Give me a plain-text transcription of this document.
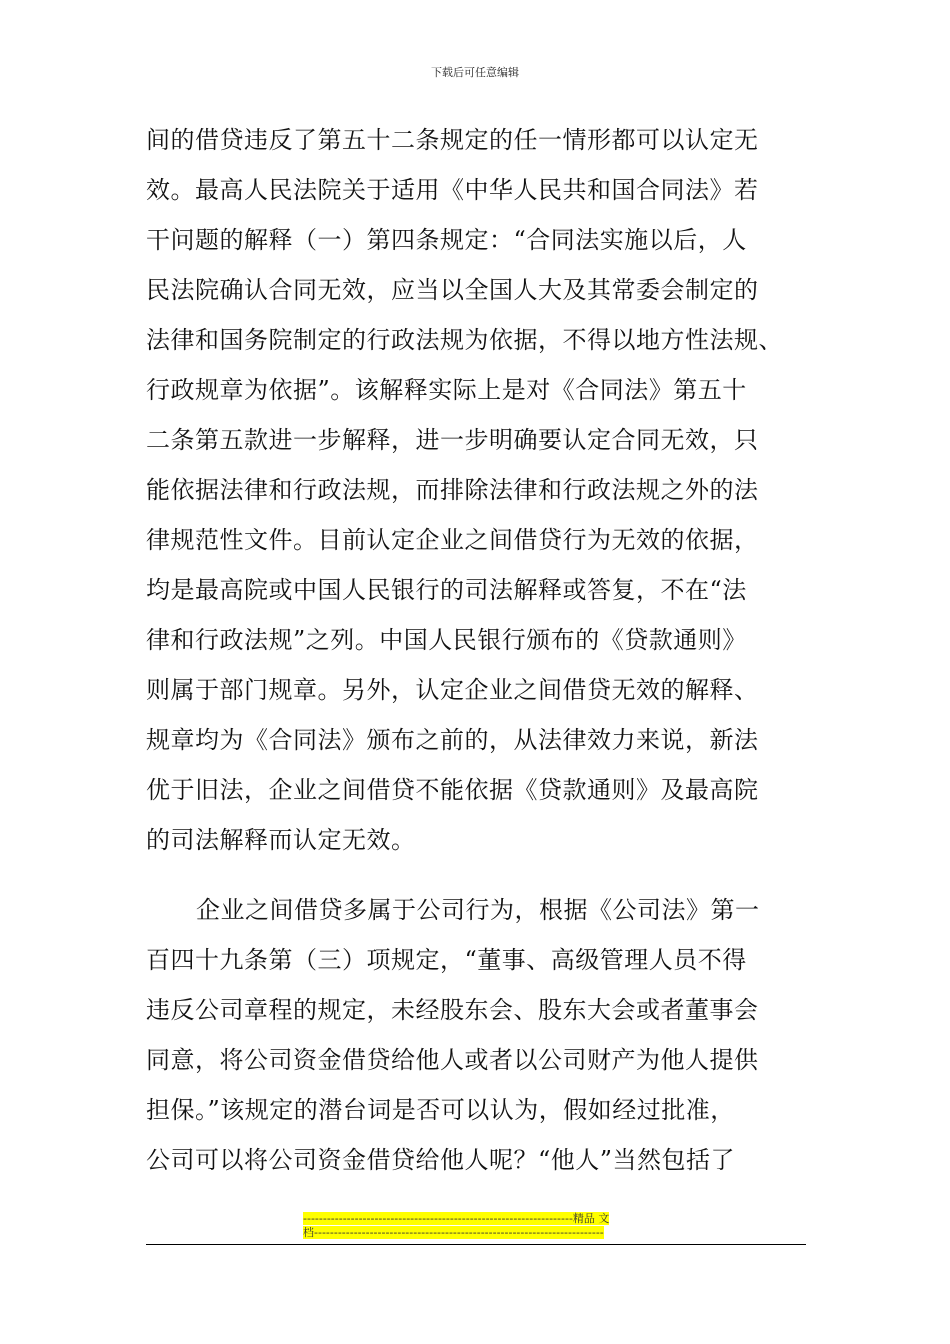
下载后可任意编辑
间的借贷违反了第五十二条规定的任一情形都可以认定无
效。最高人民法院关于适用《中华人民共和国合同法》若
干问题的解释（一）第四条规定：“合同法实施以后，人
民法院确认合同无效，应当以全国人大及其常委会制定的
法律和国务院制定的行政法规为依据，不得以地方性法规、
行政规章为依据”。该解释实际上是对《合同法》第五十
二条第五款进一步解释，进一步明确要认定合同无效，只
能依据法律和行政法规，而排除法律和行政法规之外的法
律规范性文件。目前认定企业之间借贷行为无效的依据，
均是最高院或中国人民银行的司法解释或答复，不在“法
律和行政法规”之列。中国人民银行颁布的《贷款通则》
则属于部门规章。另外，认定企业之间借贷无效的解释、
规章均为《合同法》颁布之前的，从法律效力来说，新法
优于旧法，企业之间借贷不能依据《贷款通则》及最高院
的司法解释而认定无效。
企业之间借贷多属于公司行为，根据《公司法》第一
百四十九条第（三）项规定，“董事、高级管理人员不得
违反公司章程的规定，未经股东会、股东大会或者董事会
同意，将公司资金借贷给他人或者以公司财产为他人提供
担保。”该规定的潜台词是否可以认为，假如经过批准，
公司可以将公司资金借贷给他人呢？“他人”当然包括了
--------------------------------------------------------------------精品 文
档-------------------------------------------------------------------------
